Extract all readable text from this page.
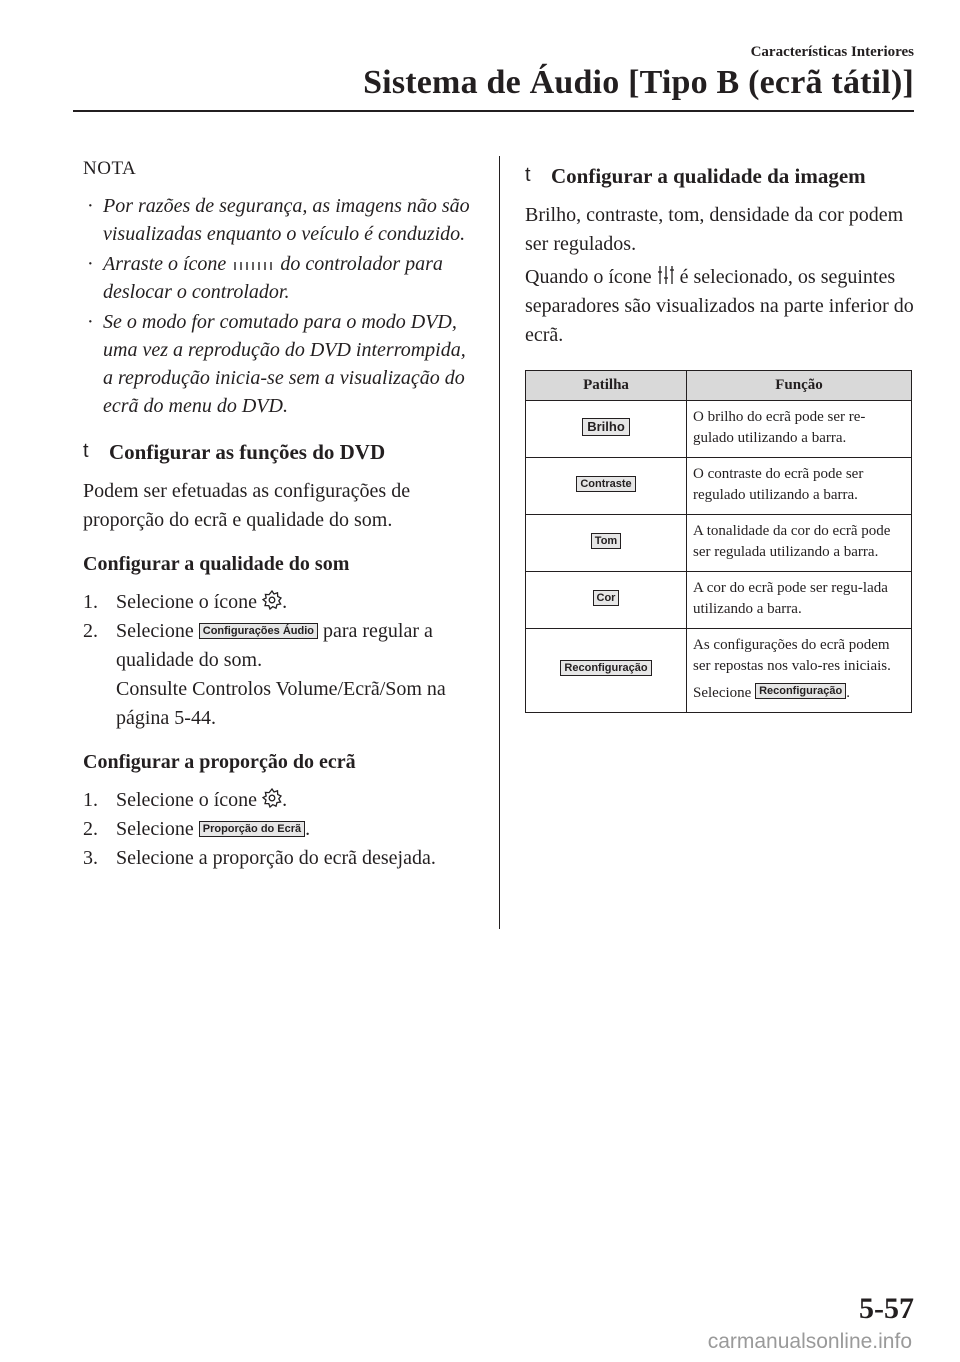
Características Interiores
Sistema de Áudio [Tipo B (ecrã tátil)]
NOTA
· Por razões de segurança, as imagens não são visualizadas enquanto o veículo é conduzido.
· Arraste o ícone	do controlador para deslocar o controlador.
· Se o modo for comutado para o modo DVD, uma vez a reprodução do DVD interrompida, a reprodução inicia-se sem a visualização do ecrã do menu do DVD.
t Configurar as funções do DVD

Podem ser efetuadas as configurações de proporção do ecrã e qualidade do som.

Configurar a qualidade do som
1. Selecione o ícone .
2. Selecione Configurações Áudio para regular a qualidade do som.
Consulte Controlos Volume/Ecrã/Som na página 5-44.
Configurar a proporção do ecrã
1. Selecione o ícone .
2. Selecione Proporção do Ecrã .
3. Selecione a proporção do ecrã desejada.
t Configurar a qualidade da imagem

Brilho, contraste, tom, densidade da cor podem ser regulados.

Quando o ícone é selecionado, os seguintes separadores são visualizados na parte inferior do ecrã.

Patilha	Função
Brilho	O brilho do ecrã pode ser re-gulado utilizando a barra.
Contraste	O contraste do ecrã pode ser regulado utilizando a barra.
Tom	A tonalidade da cor do ecrã pode ser regulada utilizando a barra.
Cor	A cor do ecrã pode ser regu-lada utilizando a barra.
Reconfiguração	As configurações do ecrã podem ser repostas nos valo-res iniciais.
Selecione Reconfiguração .
5-57
carmanualsonline.info
